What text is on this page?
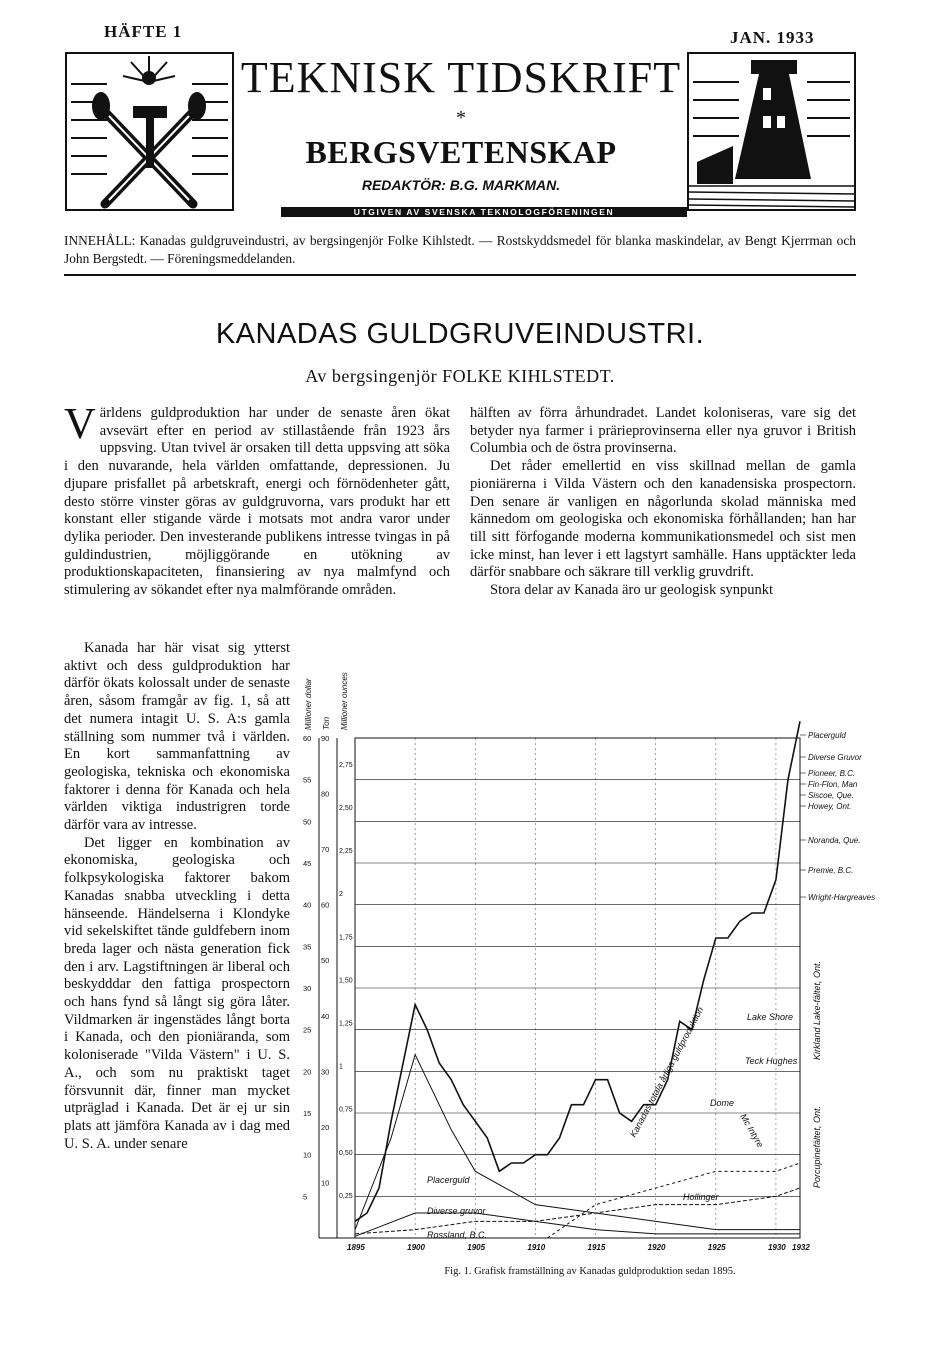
HÄFTE 1	JAN. 1933
TEKNISK TIDSKRIFT
*
BERGSVETENSKAP
REDAKTÖR: B.G. MARKMAN.
UTGIVEN AV SVENSKA TEKNOLOGFÖRENINGEN
INNEHÅLL: Kanadas guldgruveindustri, av bergsingenjör Folke Kihlstedt. — Rostskyddsmedel för blanka maskindelar, av Bengt Kjerrman och John Bergstedt. — Föreningsmeddelanden.
KANADAS GULDGRUVEINDUSTRI.
Av bergsingenjör FOLKE KIHLSTEDT.

Världens guldproduktion har under de senaste åren ökat avsevärt efter en period av stillastående från 1923 års uppsving. Utan tvivel är orsaken till detta uppsving att söka i den nuvarande, hela världen omfattande, depressionen. Ju djupare prisfallet på arbetskraft, energi och förnödenheter gått, desto större vinster göras av guldgruvorna, vars produkt har ett konstant eller stigande värde i motsats mot andra varor under dylika perioder. Den investerande publikens intresse tvingas in på guldindustrien, möjliggörande en utökning av produktionskapaciteten, finansiering av nya malmfynd och stimulering av sökandet efter nya malmförande områden.

Kanada har här visat sig ytterst aktivt och dess guldproduktion har därför ökats kolossalt under de senaste åren, såsom framgår av fig. 1, så att det numera intagit U. S. A:s gamla ställning som nummer två i världen. En kort sammanfattning av geologiska, tekniska och ekonomiska faktorer i denna för Kanada och hela världen viktiga industrigren torde därför vara av intresse.

Det ligger en kombination av ekonomiska, geologiska och folkpsykologiska faktorer bakom Kanadas snabba utveckling i detta hänseende. Händelserna i Klondyke vid sekelskiftet tände guldfebern inom breda lager och nästa generation fick den i arv. Lagstiftningen är liberal och beskydddar den fattiga prospectorn och hans fynd så långt sig göra låter. Vildmarken är ingenstädes långt borta i Kanada, och den pioniäranda, som koloniserade "Vilda Västern" i U. S. A., och som nu praktiskt taget försvunnit där, finner man mycket utpräglad i Kanada. Det är ej ur sin plats att jämföra Kanada av i dag med U. S. A. under senare

hälften av förra århundradet. Landet koloniseras, vare sig det betyder nya farmer i prärieprovinserna eller nya gruvor i British Columbia och de östra provinserna.

Det råder emellertid en viss skillnad mellan de gamla pioniärerna i Vilda Västern och den kanadensiska prospectorn. Den senare är vanligen en någorlunda skolad människa med kännedom om geologiska och ekonomiska förhållanden; han har till sitt förfogande moderna kommunikationsmedel och sist men icke minst, han lever i ett lagstyrt samhälle. Hans upptäckter leda därför snabbare och säkrare till verklig gruvdrift.

Stora delar av Kanada äro ur geologisk synpunkt

Millioner dollar Ton Millioner ounces
5
10
15
20
25
30
35
40
45
50
55
60
10
20
30
40
50
60
70
80
90
0,25
0,50
0,75
1
1,25
1,50
1,75
2
2,25
2,50
2,75
1895	1900	1905	1910	1915	1920	1925	1930 1932
Kanadas totala årliga guldproduktion
Placerguld
Diverse gruvor
Rossland, B.C.
Hollinger
Dome
Mc Intyre
Teck Hughes
Lake Shore Kirkland Lake-fältet, Ont.
Porcupinefältet, Ont.
Placerguld
Diverse Gruvor
Pioneer, B.C.
Fin-Flon, Man
Siscoe, Que.
Howey, Ont.
Noranda, Que.
Premie, B.C.
Wright-Hargreaves
Fig. 1. Grafisk framställning av Kanadas guldproduktion sedan 1895.
